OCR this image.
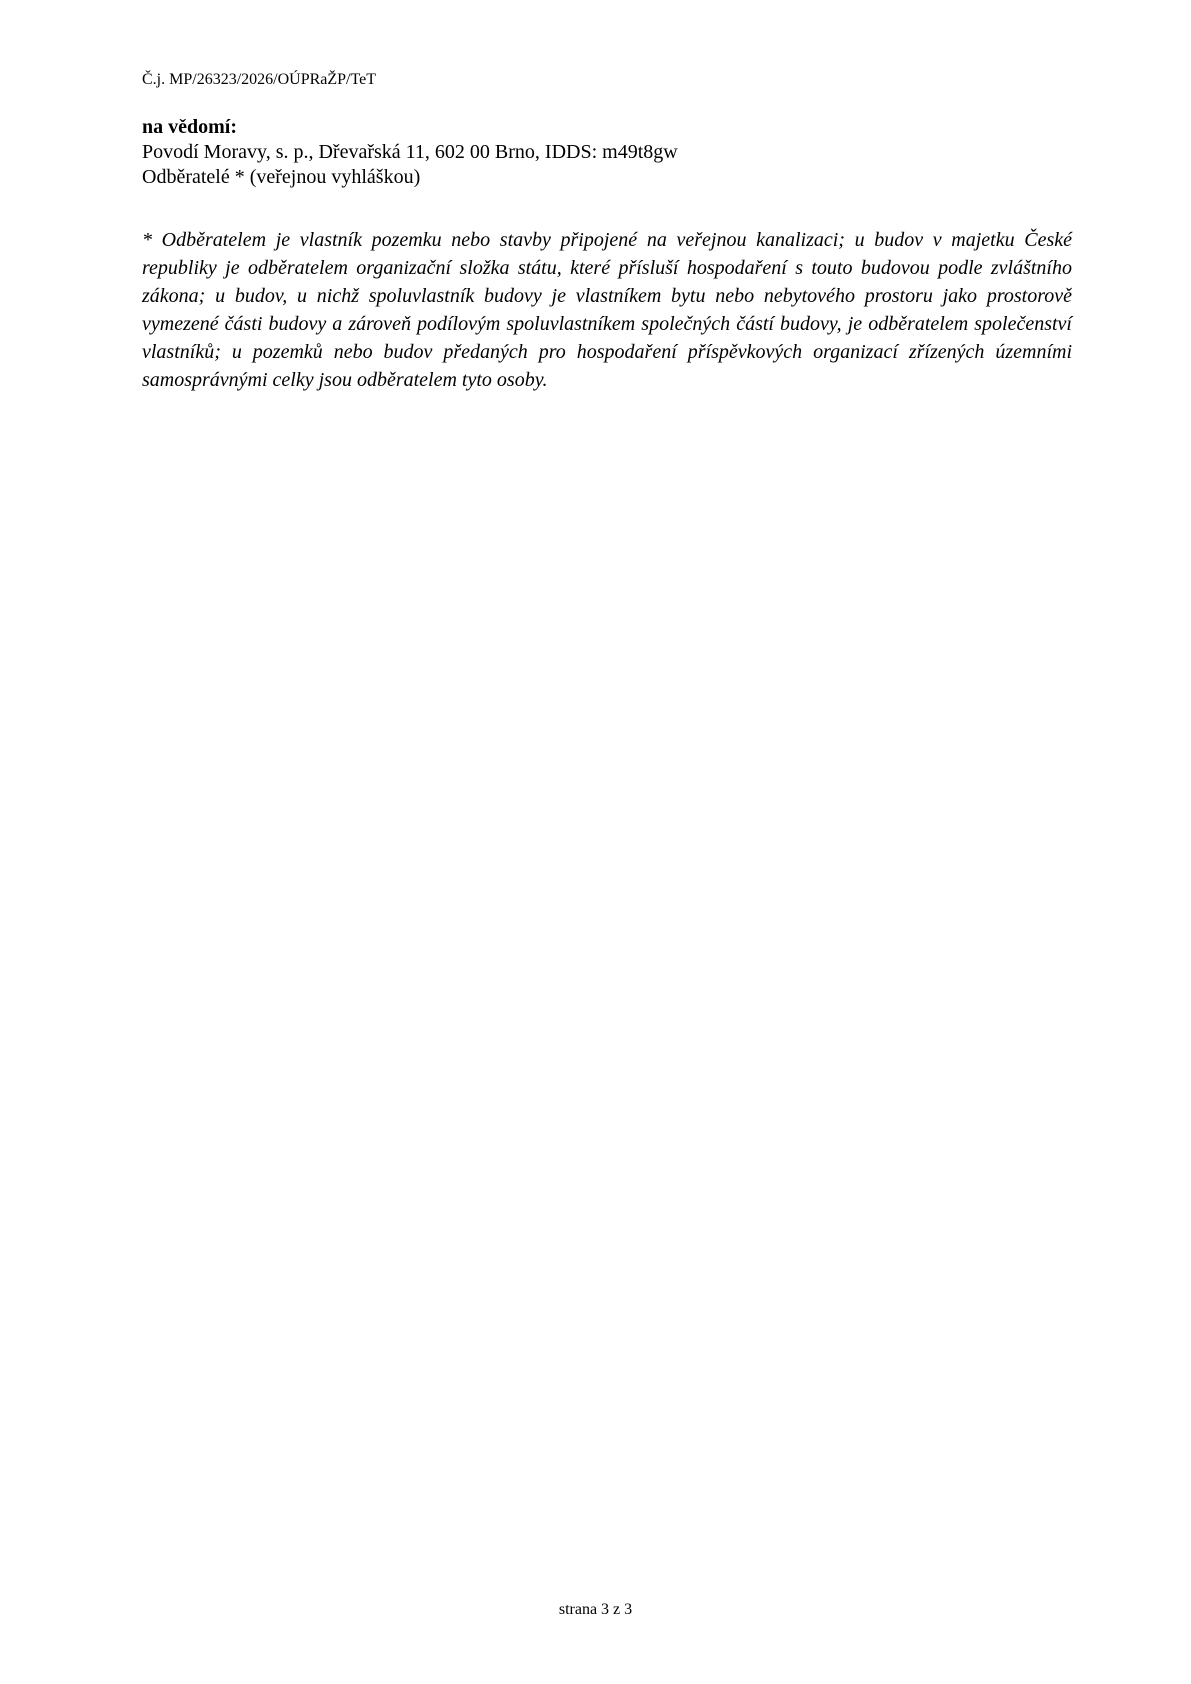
Č.j. MP/26323/2026/OÚPRaŽP/TeT

na vědomí:

Povodí Moravy, s. p., Dřevařská 11, 602 00 Brno, IDDS: m49t8gw

Odběratelé * (veřejnou vyhláškou)

* Odběratelem je vlastník pozemku nebo stavby připojené na veřejnou kanalizaci; u budov v majetku České republiky je odběratelem organizační složka státu, které přísluší hospodaření s touto budovou podle zvláštního zákona; u budov, u nichž spoluvlastník budovy je vlastníkem bytu nebo nebytového prostoru jako prostorově vymezené části budovy a zároveň podílovým spoluvlastníkem společných částí budovy, je odběratelem společenství vlastníků; u pozemků nebo budov předaných pro hospodaření příspěvkových organizací zřízených územními samosprávnými celky jsou odběratelem tyto osoby.

strana 3 z 3
